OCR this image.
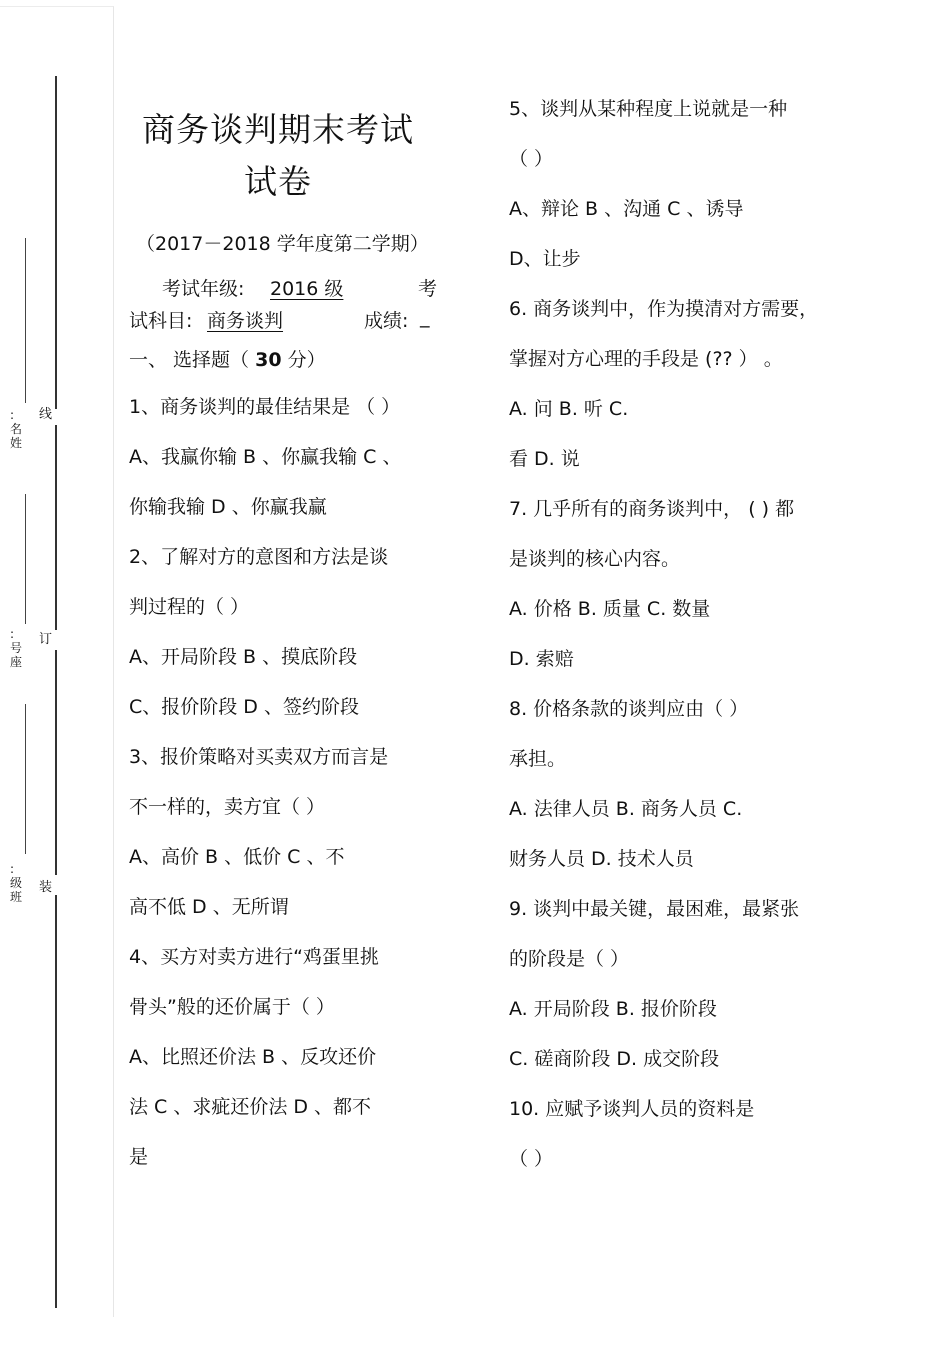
线
订
装
:
名
姓
:
号
座
:
级
班
商务谈判期末考试
试卷
（2017－2018 学年度第二学期）
考试年级: 2016 级	考
试科目: 商务谈判	成绩: _
一、 选择题（ 30 分）
1、商务谈判的最佳结果是 （ ）
A、我赢你输 B 、你赢我输 C 、
你输我输 D 、你赢我赢
2、了解对方的意图和方法是谈
判过程的（ ）
A、开局阶段 B 、摸底阶段
C、报价阶段 D 、签约阶段
3、报价策略对买卖双方而言是
不一样的，卖方宜（ ）
A、高价 B 、低价 C 、不
高不低 D 、无所谓
4、买方对卖方进行“鸡蛋里挑
骨头”般的还价属于（ ）
A、比照还价法 B 、反攻还价
法 C 、求疵还价法 D 、都不
是
5、谈判从某种程度上说就是一种
（ ）
A、辩论 B 、沟通 C 、诱导
D、让步
6. 商务谈判中，作为摸清对方需要，
掌握对方心理的手段是 (?? ） 。
A. 问 B. 听 C.
看 D. 说
7. 几乎所有的商务谈判中， ( ) 都
是谈判的核心内容。
A. 价格 B. 质量 C. 数量
D. 索赔
8. 价格条款的谈判应由（ ）
承担。
A. 法律人员 B. 商务人员 C.
财务人员 D. 技术人员
9. 谈判中最关键，最困难，最紧张
的阶段是（ ）
A. 开局阶段 B. 报价阶段
C. 磋商阶段 D. 成交阶段
10. 应赋予谈判人员的资料是
（ ）
